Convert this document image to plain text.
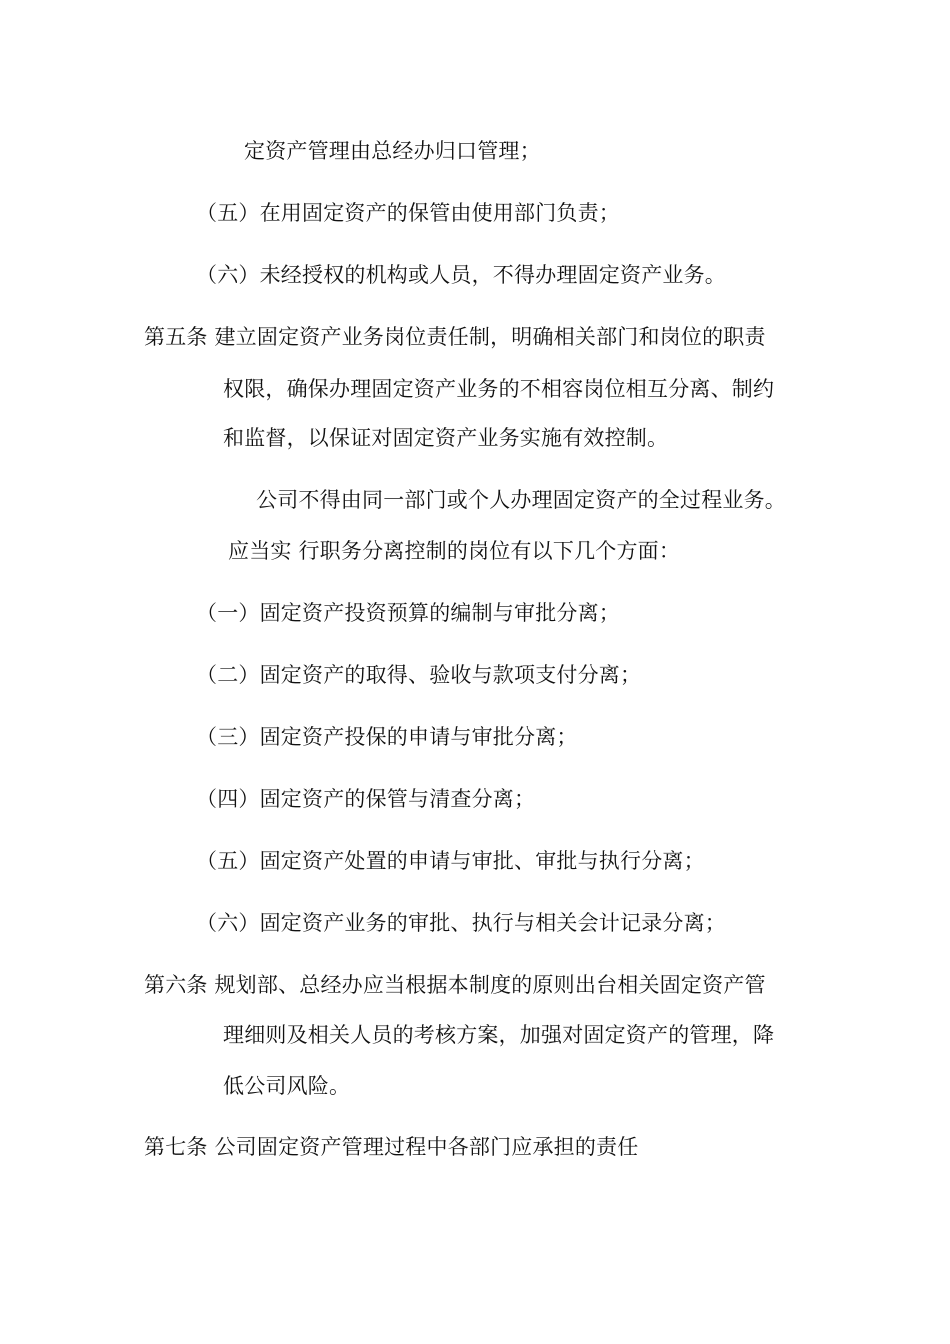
定资产管理由总经办归口管理；
（五）在用固定资产的保管由使用部门负责；
（六）未经授权的机构或人员，不得办理固定资产业务。
第五条 建立固定资产业务岗位责任制，明确相关部门和岗位的职责
权限，确保办理固定资产业务的不相容岗位相互分离、制约
和监督，以保证对固定资产业务实施有效控制。
公司不得由同一部门或个人办理固定资产的全过程业务。
应当实 行职务分离控制的岗位有以下几个方面：
（一）固定资产投资预算的编制与审批分离；
（二）固定资产的取得、验收与款项支付分离；
（三）固定资产投保的申请与审批分离；
（四）固定资产的保管与清查分离；
（五）固定资产处置的申请与审批、审批与执行分离；
（六）固定资产业务的审批、执行与相关会计记录分离；
第六条 规划部、总经办应当根据本制度的原则出台相关固定资产管
理细则及相关人员的考核方案，加强对固定资产的管理，降
低公司风险。
第七条 公司固定资产管理过程中各部门应承担的责任
